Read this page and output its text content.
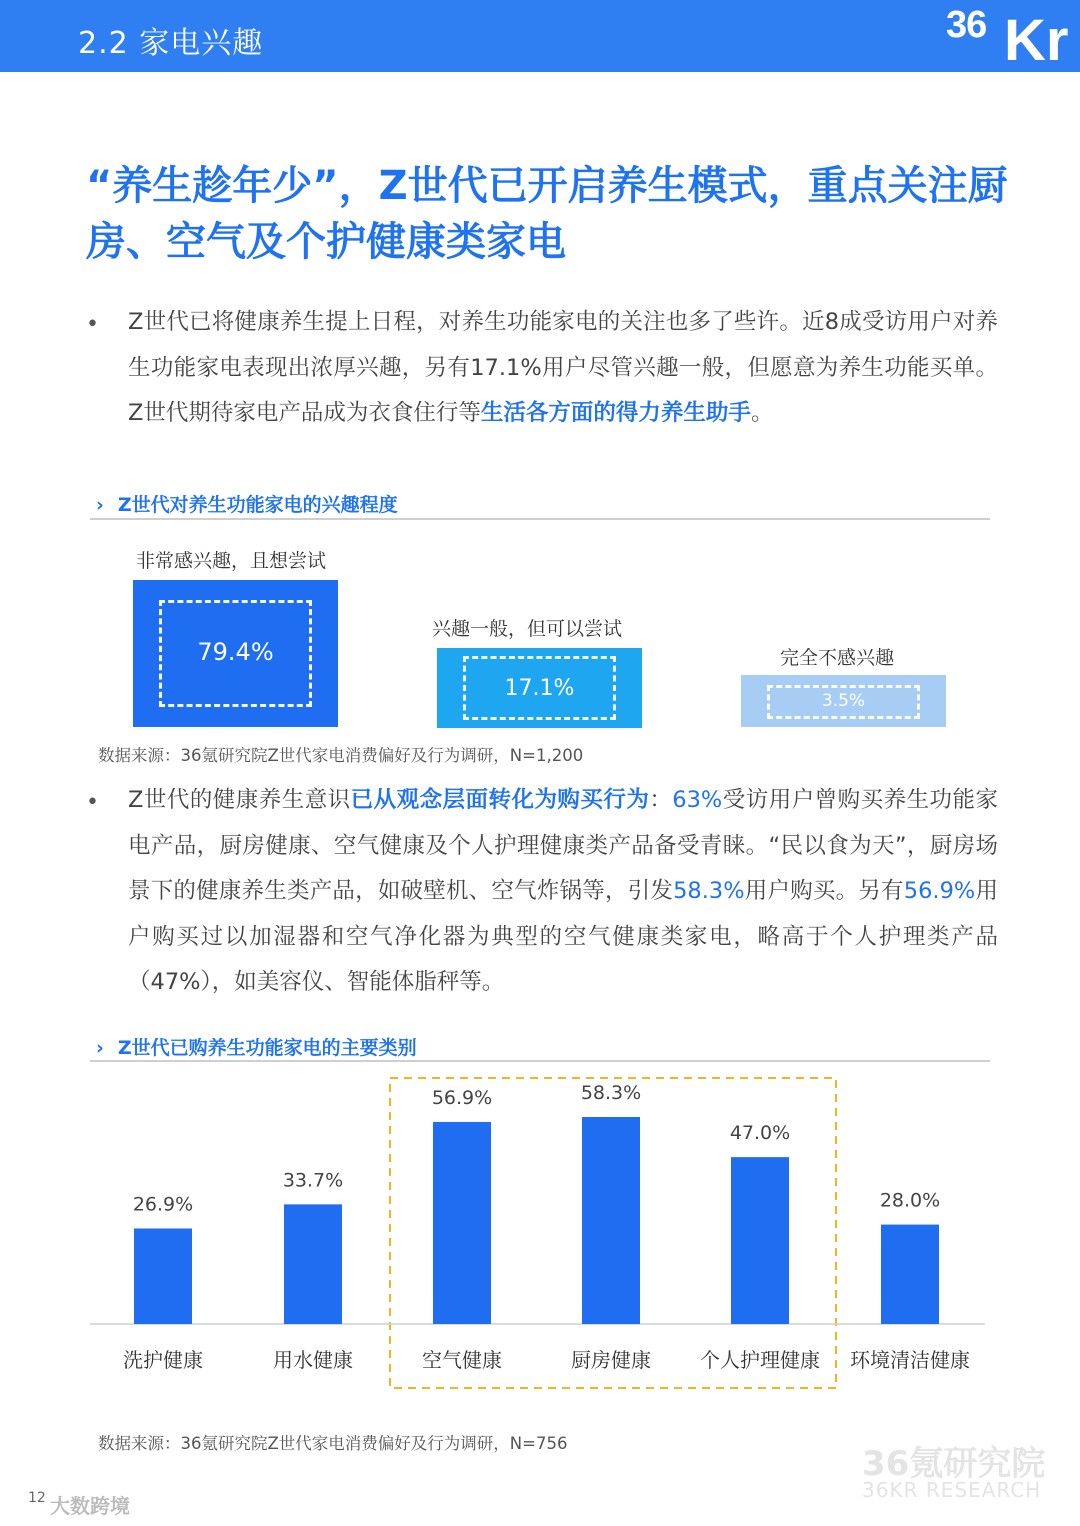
2.2 家电兴趣	36 Kr
“养生趁年少”，Z世代已开启养生模式，重点关注厨房、空气及个护健康类家电
• Z世代已将健康养生提上日程，对养生功能家电的关注也多了些许。近8成受访用户对养生功能家电表现出浓厚兴趣，另有17.1%用户尽管兴趣一般，但愿意为养生功能买单。Z世代期待家电产品成为衣食住行等生活各方面的得力养生助手。

› Z世代对养生功能家电的兴趣程度
非常感兴趣，且想尝试
79.4%
兴趣一般，但可以尝试
17.1%
完全不感兴趣
3.5%
数据来源：36氪研究院Z世代家电消费偏好及行为调研，N=1,200
• Z世代的健康养生意识已从观念层面转化为购买行为：63%受访用户曾购买养生功能家电产品，厨房健康、空气健康及个人护理健康类产品备受青睐。“民以食为天”，厨房场景下的健康养生类产品，如破壁机、空气炸锅等，引发58.3%用户购买。另有56.9%用户购买过以加湿器和空气净化器为典型的空气健康类家电，略高于个人护理类产品（47%），如美容仪、智能体脂秤等。

› Z世代已购养生功能家电的主要类别
26.9%
洗护健康
33.7%
用水健康
56.9%
空气健康
58.3%
厨房健康
47.0%
个人护理健康
28.0%
环境清洁健康
数据来源：36氪研究院Z世代家电消费偏好及行为调研，N=756
36氪研究院
36KR RESEARCH
12 大数跨境
